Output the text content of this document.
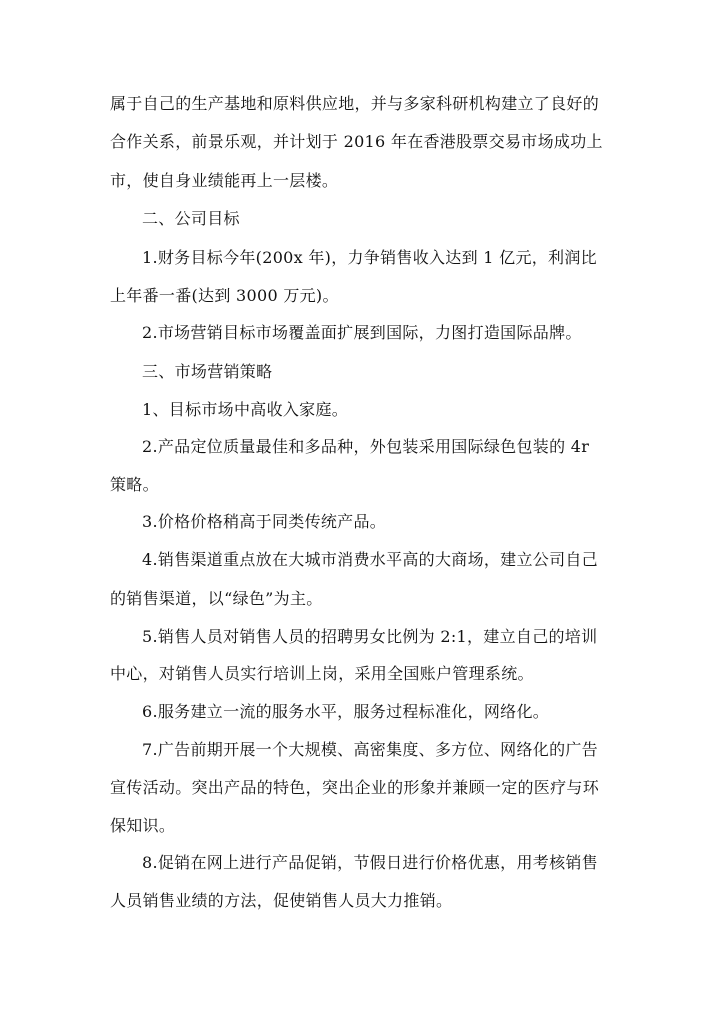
属于自己的生产基地和原料供应地，并与多家科研机构建立了良好的
合作关系，前景乐观，并计划于 2016 年在香港股票交易市场成功上
市，使自身业绩能再上一层楼。
二、公司目标
1.财务目标今年(200x 年)，力争销售收入达到 1 亿元，利润比
上年番一番(达到 3000 万元)。
2.市场营销目标市场覆盖面扩展到国际，力图打造国际品牌。
三、市场营销策略
1、目标市场中高收入家庭。
2.产品定位质量最佳和多品种，外包装采用国际绿色包装的 4r
策略。
3.价格价格稍高于同类传统产品。
4.销售渠道重点放在大城市消费水平高的大商场，建立公司自己
的销售渠道，以“绿色”为主。
5.销售人员对销售人员的招聘男女比例为 2:1，建立自己的培训
中心，对销售人员实行培训上岗，采用全国账户管理系统。
6.服务建立一流的服务水平，服务过程标准化，网络化。
7.广告前期开展一个大规模、高密集度、多方位、网络化的广告
宣传活动。突出产品的特色，突出企业的形象并兼顾一定的医疗与环
保知识。
8.促销在网上进行产品促销，节假日进行价格优惠，用考核销售
人员销售业绩的方法，促使销售人员大力推销。
